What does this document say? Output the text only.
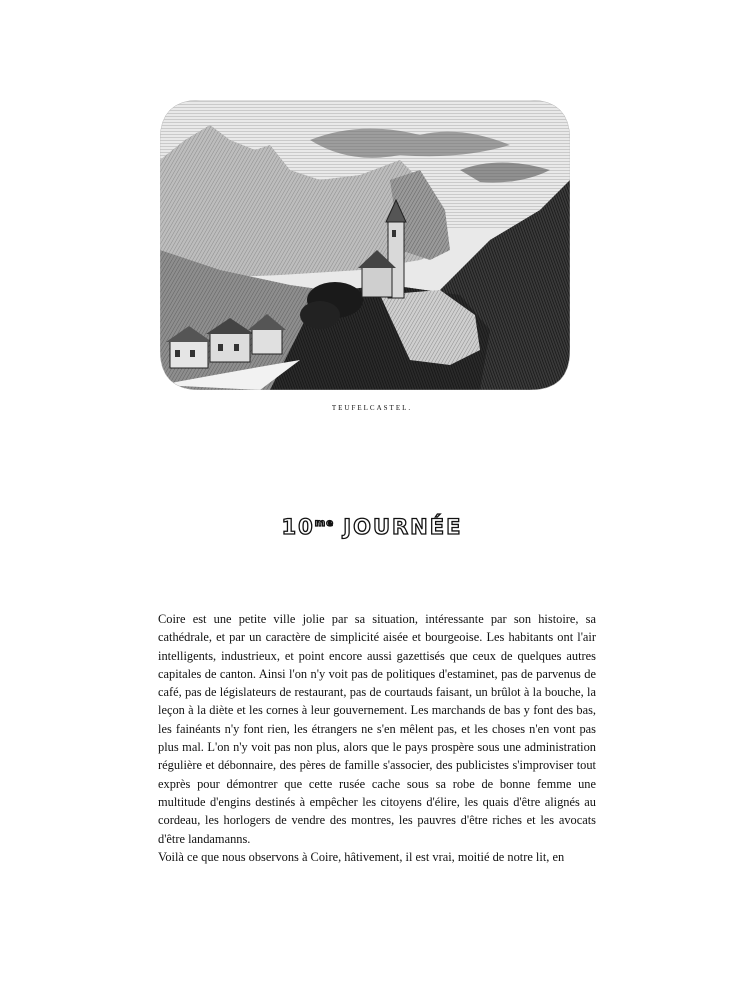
TEUFELCASTEL.
$10^{me}$ JOURNÉE

Coire est une petite ville jolie par sa situation, intéressante par son histoire, sa cathédrale, et par un caractère de simplicité aisée et bourgeoise. Les habitants ont l'air intelligents, industrieux, et point encore aussi gazettisés que ceux de quelques autres capitales de canton. Ainsi l'on n'y voit pas de politiques d'estaminet, pas de parvenus de café, pas de législateurs de restaurant, pas de courtauds faisant, un brûlot à la bouche, la leçon à la diète et les cornes à leur gouvernement. Les marchands de bas y font des bas, les fainéants n'y font rien, les étrangers ne s'en mêlent pas, et les choses n'en vont pas plus mal. L'on n'y voit pas non plus, alors que le pays prospère sous une administration régulière et débonnaire, des pères de famille s'associer, des publicistes s'improviser tout exprès pour démontrer que cette rusée cache sous sa robe de bonne femme une multitude d'engins destinés à empêcher les citoyens d'élire, les quais d'être alignés au cordeau, les horlogers de vendre des montres, les pauvres d'être riches et les avocats d'être landamanns.

Voilà ce que nous observons à Coire, hâtivement, il est vrai, moitié de notre lit, en
